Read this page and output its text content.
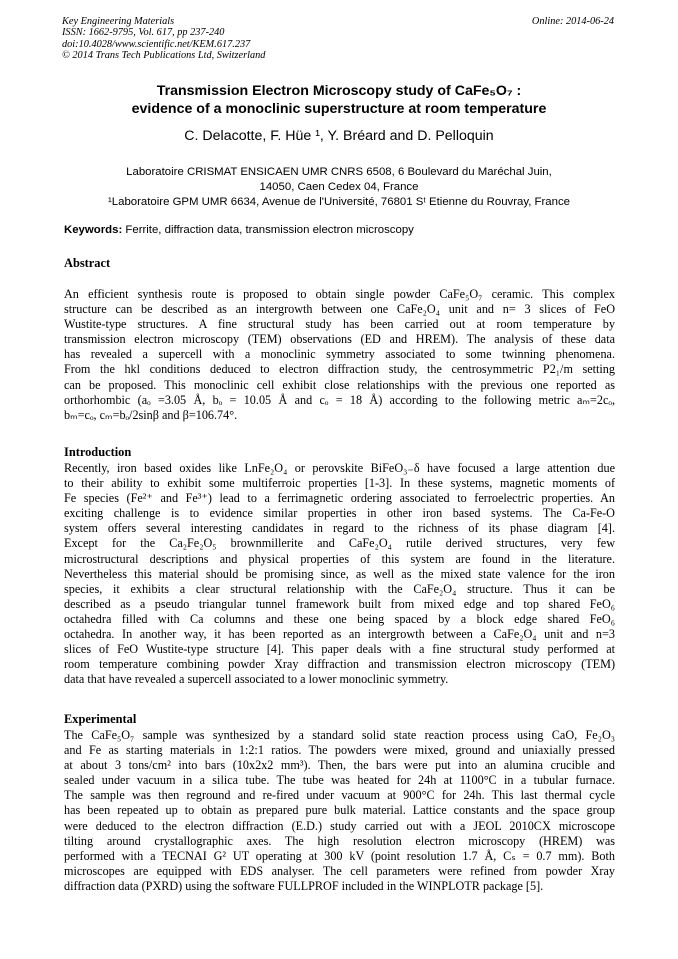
Key Engineering Materials
ISSN: 1662-9795, Vol. 617, pp 237-240
doi:10.4028/www.scientific.net/KEM.617.237
© 2014 Trans Tech Publications Ltd, Switzerland
Online: 2014-06-24
Transmission Electron Microscopy study of CaFe₅O₇ :
evidence of a monoclinic superstructure at room temperature
C. Delacotte, F. Hüe ¹, Y. Bréard and D. Pelloquin
Laboratoire CRISMAT ENSICAEN UMR CNRS 6508, 6 Boulevard du Maréchal Juin,
14050, Caen Cedex 04, France
¹Laboratoire GPM UMR 6634, Avenue de l'Université, 76801 Sᵗ Etienne du Rouvray, France
Keywords: Ferrite, diffraction data, transmission electron microscopy
Abstract
An efficient synthesis route is proposed to obtain single powder CaFe₅O₇ ceramic. This complex
structure can be described as an intergrowth between one CaFe₂O₄ unit and n= 3 slices of FeO
Wustite-type structures. A fine structural study has been carried out at room temperature by
transmission electron microscopy (TEM) observations (ED and HREM). The analysis of these data
has revealed a supercell with a monoclinic symmetry associated to some twinning phenomena.
From the hkl conditions deduced to electron diffraction study, the centrosymmetric P2₁/m setting
can be proposed. This monoclinic cell exhibit close relationships with the previous one reported as
orthorhombic (aₒ =3.05 Å, bₒ = 10.05 Å and cₒ = 18 Å) according to the following metric aₘ=2cₒ,
bₘ=cₒ, cₘ=bₒ/2sinβ and β=106.74°.
Introduction
Recently, iron based oxides like LnFe₂O₄ or perovskite BiFeO₃₋δ have focused a large attention due
to their ability to exhibit some multiferroic properties [1-3]. In these systems, magnetic moments of
Fe species (Fe²⁺ and Fe³⁺) lead to a ferrimagnetic ordering associated to ferroelectric properties. An
exciting challenge is to evidence similar properties in other iron based systems. The Ca-Fe-O
system offers several interesting candidates in regard to the richness of its phase diagram [4].
Except for the Ca₂Fe₂O₅ brownmillerite and CaFe₂O₄ rutile derived structures, very few
microstructural descriptions and physical properties of this system are found in the literature.
Nevertheless this material should be promising since, as well as the mixed state valence for the iron
species, it exhibits a clear structural relationship with the CaFe₂O₄ structure. Thus it can be
described as a pseudo triangular tunnel framework built from mixed edge and top shared FeO₆
octahedra filled with Ca columns and these one being spaced by a block edge shared FeO₆
octahedra. In another way, it has been reported as an intergrowth between a CaFe₂O₄ unit and n=3
slices of FeO Wustite-type structure [4]. This paper deals with a fine structural study performed at
room temperature combining powder Xray diffraction and transmission electron microscopy (TEM)
data that have revealed a supercell associated to a lower monoclinic symmetry.
Experimental
The CaFe₅O₇ sample was synthesized by a standard solid state reaction process using CaO, Fe₂O₃
and Fe as starting materials in 1:2:1 ratios. The powders were mixed, ground and uniaxially pressed
at about 3 tons/cm² into bars (10x2x2 mm³). Then, the bars were put into an alumina crucible and
sealed under vacuum in a silica tube. The tube was heated for 24h at 1100°C in a tubular furnace.
The sample was then reground and re-fired under vacuum at 900°C for 24h. This last thermal cycle
has been repeated up to obtain as prepared pure bulk material. Lattice constants and the space group
were deduced to the electron diffraction (E.D.) study carried out with a JEOL 2010CX microscope
tilting around crystallographic axes. The high resolution electron microscopy (HREM) was
performed with a TECNAI G² UT operating at 300 kV (point resolution 1.7 Å, Cₛ = 0.7 mm). Both
microscopes are equipped with EDS analyser. The cell parameters were refined from powder Xray
diffraction data (PXRD) using the software FULLPROF included in the WINPLOTR package [5].
